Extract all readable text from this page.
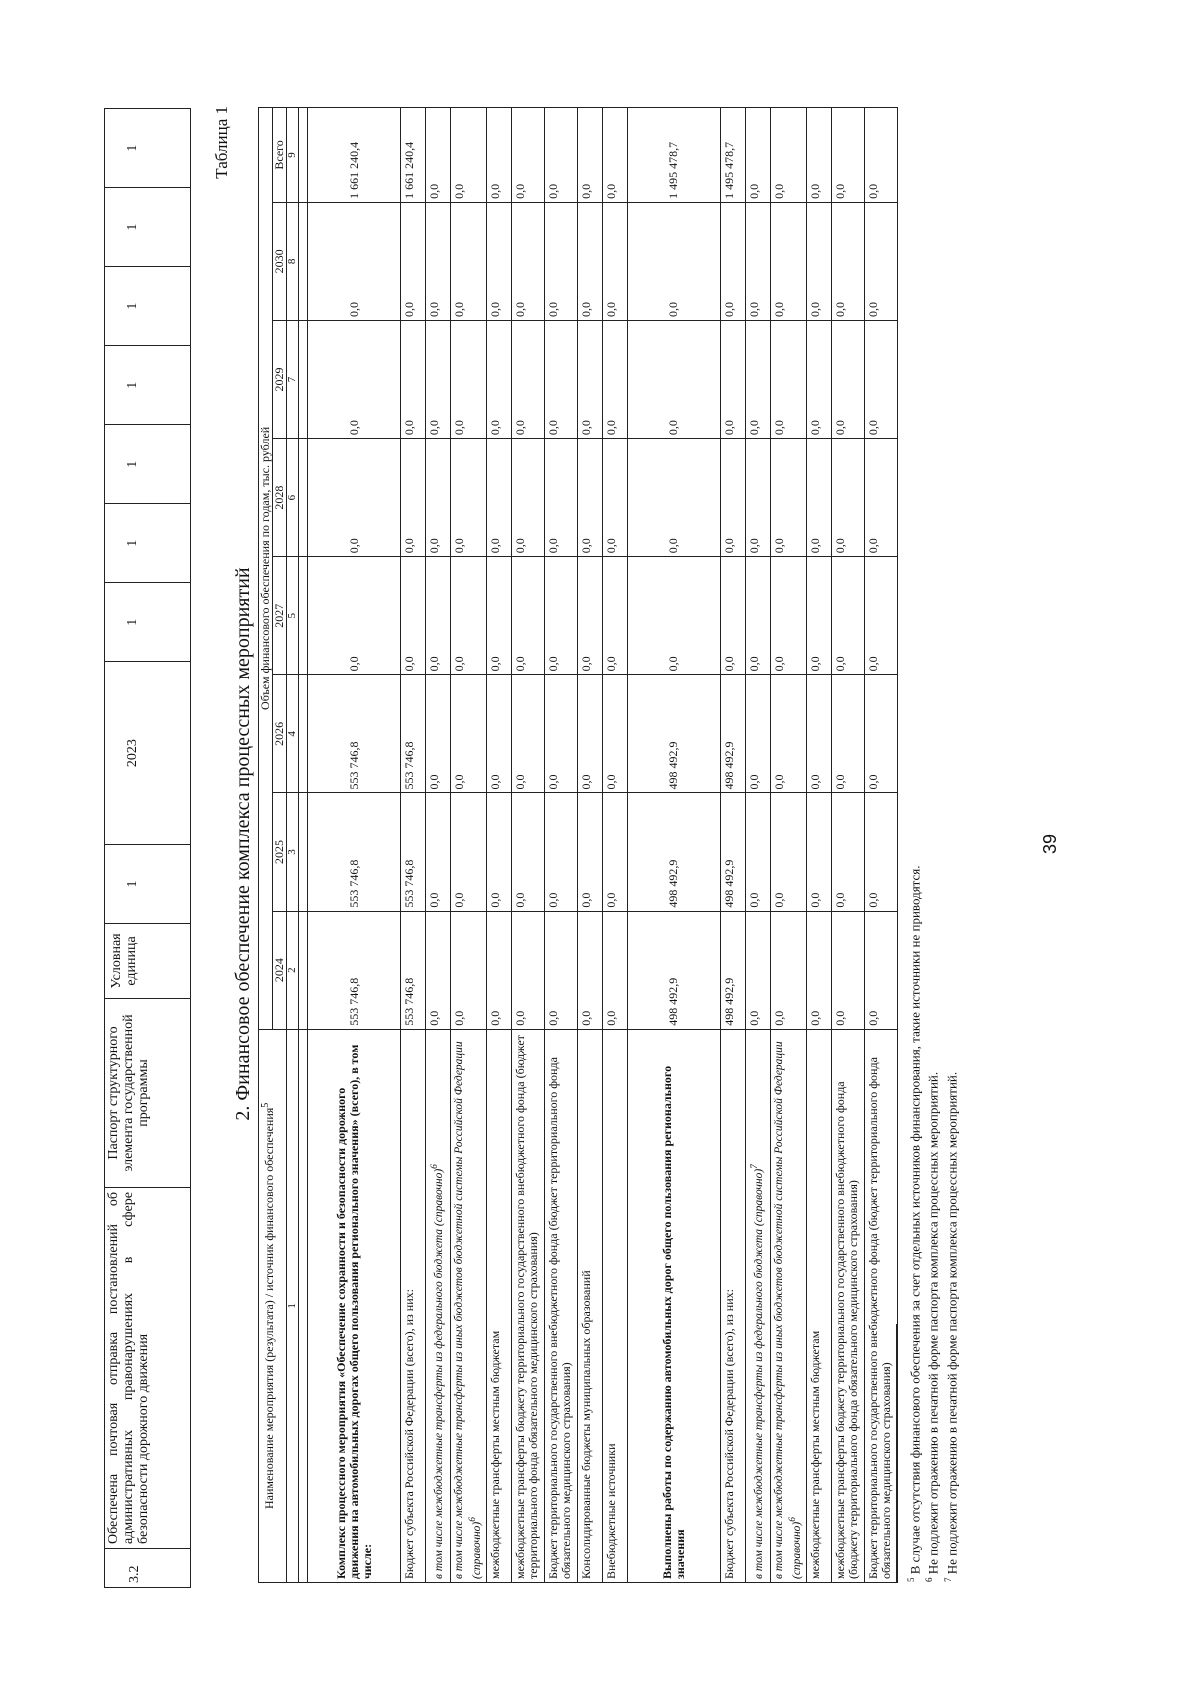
3.2	Обеспечена почтовая отправка постановлений об административных правонарушениях в сфере безопасности дорожного движения	Паспорт структурного элемента государственной программы	Условная единица	1	2023	1	1	1	1	1	1	1	Таблица 1
2. Финансовое обеспечение комплекса процессных мероприятий
Наименование мероприятия (результата) / источник финансового обеспечения$^5$	Объем финансового обеспечения по годам, тыс. рублей							
	2024	2025	2026	2027	2028	2029	2030	Всего
1	2	3	4	5	6	7	8	9

Комплекс процессного мероприятия «Обеспечение сохранности и безопасности дорожного движения на автомобильных дорогах общего пользования регионального значения» (всего), в том числе:	553 746,8	553 746,8	553 746,8	0,0	0,0	0,0	0,0	1 661 240,4
Бюджет субъекта Российской Федерации (всего), из них:	553 746,8	553 746,8	553 746,8	0,0	0,0	0,0	0,0	1 661 240,4
в том числе межбюджетные трансферты из федерального бюджета (справочно)$^6$	0,0	0,0	0,0	0,0	0,0	0,0	0,0	0,0
в том числе межбюджетные трансферты из иных бюджетов бюджетной системы Российской Федерации (справочно)$^6$	0,0	0,0	0,0	0,0	0,0	0,0	0,0	0,0
межбюджетные трансферты местным бюджетам	0,0	0,0	0,0	0,0	0,0	0,0	0,0	0,0
межбюджетные трансферты бюджету территориального государственного внебюджетного фонда (бюджет территориального фонда обязательного медицинского страхования)	0,0	0,0	0,0	0,0	0,0	0,0	0,0	0,0
Бюджет территориального государственного внебюджетного фонда (бюджет территориального фонда обязательного медицинского страхования)	0,0	0,0	0,0	0,0	0,0	0,0	0,0	0,0
Консолидированные бюджеты муниципальных образований	0,0	0,0	0,0	0,0	0,0	0,0	0,0	0,0
Внебюджетные источники	0,0	0,0	0,0	0,0	0,0	0,0	0,0	0,0
Выполнены работы по содержанию автомобильных дорог общего пользования регионального значения	498 492,9	498 492,9	498 492,9	0,0	0,0	0,0	0,0	1 495 478,7
Бюджет субъекта Российской Федерации (всего), из них:	498 492,9	498 492,9	498 492,9	0,0	0,0	0,0	0,0	1 495 478,7
в том числе межбюджетные трансферты из федерального бюджета (справочно)$^7$	0,0	0,0	0,0	0,0	0,0	0,0	0,0	0,0
в том числе межбюджетные трансферты из иных бюджетов бюджетной системы Российской Федерации (справочно)$^6$	0,0	0,0	0,0	0,0	0,0	0,0	0,0	0,0
межбюджетные трансферты местным бюджетам	0,0	0,0	0,0	0,0	0,0	0,0	0,0	0,0
межбюджетные трансферты бюджету территориального государственного внебюджетного фонда (бюджету территориального фонда обязательного медицинского страхования)	0,0	0,0	0,0	0,0	0,0	0,0	0,0	0,0
Бюджет территориального государственного внебюджетного фонда (бюджет территориального фонда обязательного медицинского страхования)	0,0	0,0	0,0	0,0	0,0	0,0	0,0	0,0
$^5$ В случае отсутствия финансового обеспечения за счет отдельных источников финансирования, такие источники не приводятся.
$^6$ Не подлежит отражению в печатной форме паспорта комплекса процессных мероприятий.
$^7$ Не подлежит отражению в печатной форме паспорта комплекса процессных мероприятий.
39
